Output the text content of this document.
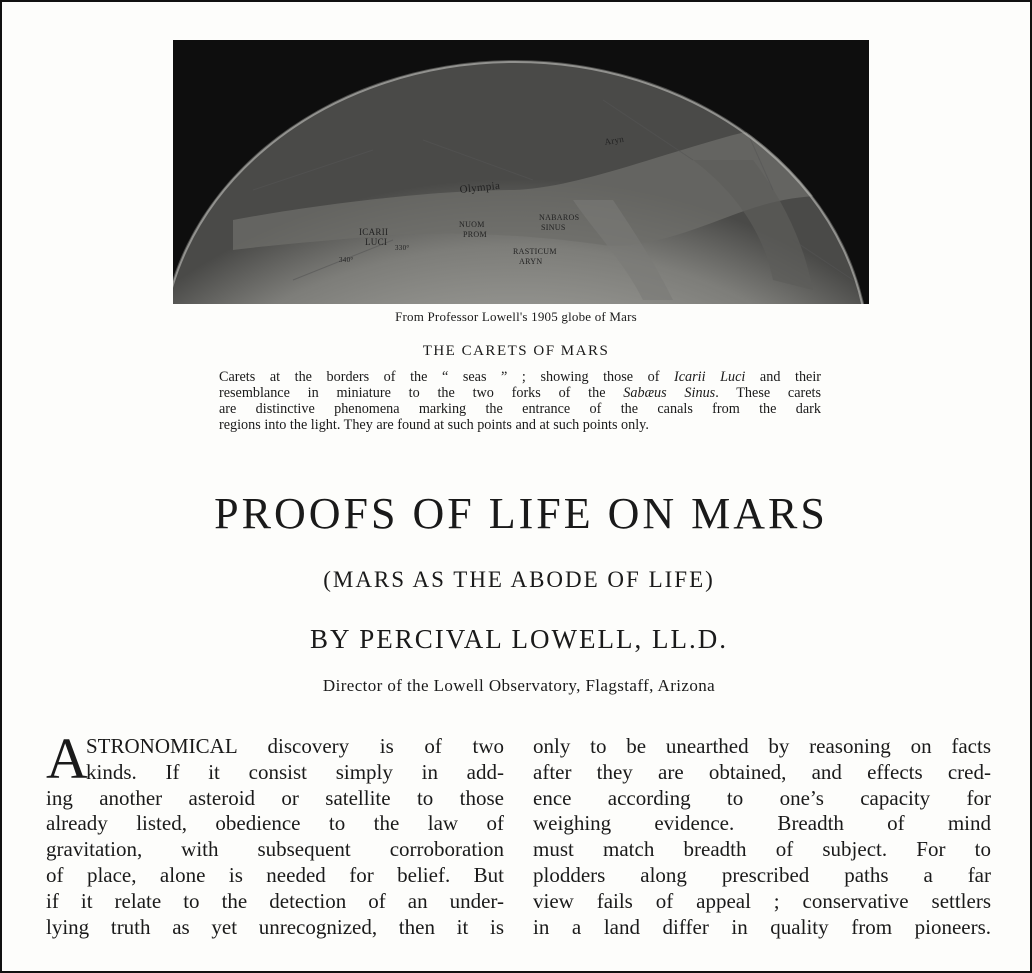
Olympia
NABAROS
SINUS
ICARII
LUCI
NUOM
PROM
RASTICUM
ARYN
Aryn
340°
330°
From Professor Lowell's 1905 globe of Mars
THE CARETS OF MARS
Carets at the borders of the “ seas ” ; showing those of Icarii Luci and their
resemblance in miniature to the two forks of the Sabæus Sinus. These carets
are distinctive phenomena marking the entrance of the canals from the dark
regions into the light. They are found at such points and at such points only.
PROOFS OF LIFE ON MARS
(MARS AS THE ABODE OF LIFE)
BY PERCIVAL LOWELL, LL.D.
Director of the Lowell Observatory, Flagstaff, Arizona
A
STRONOMICAL discovery is of two
kinds. If it consist simply in add-
ing another asteroid or satellite to those
already listed, obedience to the law of
gravitation, with subsequent corroboration
of place, alone is needed for belief. But
if it relate to the detection of an under-
lying truth as yet unrecognized, then it is
only to be unearthed by reasoning on facts
after they are obtained, and effects cred-
ence according to one’s capacity for
weighing evidence. Breadth of mind
must match breadth of subject. For to
plodders along prescribed paths a far
view fails of appeal ; conservative settlers
in a land differ in quality from pioneers.
